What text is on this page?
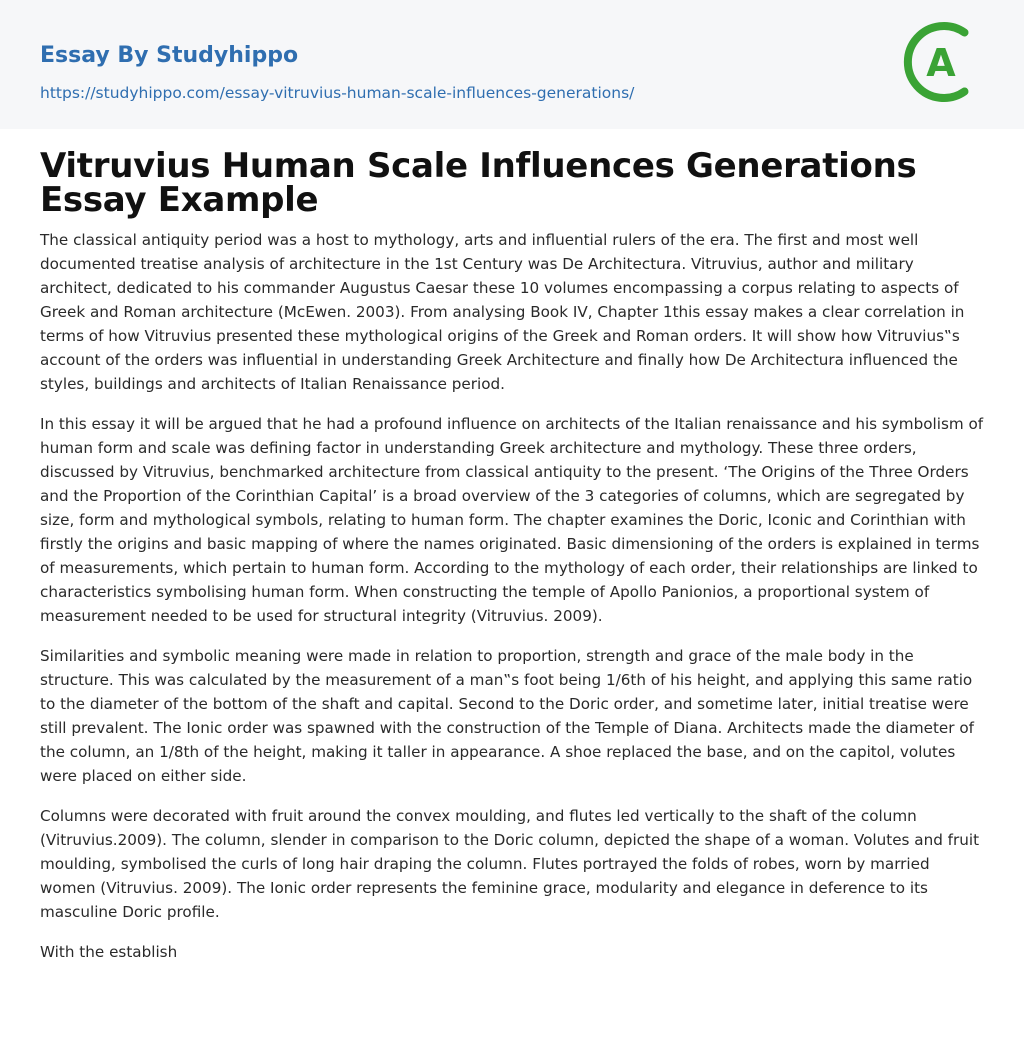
Essay By Studyhippo
https://studyhippo.com/essay-vitruvius-human-scale-influences-generations/
A
Vitruvius Human Scale Influences Generations Essay Example

The classical antiquity period was a host to mythology, arts and influential rulers of the era. The first and most well documented treatise analysis of architecture in the 1st Century was De Architectura. Vitruvius, author and military architect, dedicated to his commander Augustus Caesar these 10 volumes encompassing a corpus relating to aspects of Greek and Roman architecture (McEwen. 2003). From analysing Book IV, Chapter 1this essay makes a clear correlation in terms of how Vitruvius presented these mythological origins of the Greek and Roman orders. It will show how Vitruvius‟s account of the orders was influential in understanding Greek Architecture and finally how De Architectura influenced the styles, buildings and architects of Italian Renaissance period.

In this essay it will be argued that he had a profound influence on architects of the Italian renaissance and his symbolism of human form and scale was defining factor in understanding Greek architecture and mythology. These three orders, discussed by Vitruvius, benchmarked architecture from classical antiquity to the present. ‘The Origins of the Three Orders and the Proportion of the Corinthian Capital’ is a broad overview of the 3 categories of columns, which are segregated by size, form and mythological symbols, relating to human form. The chapter examines the Doric, Iconic and Corinthian with firstly the origins and basic mapping of where the names originated. Basic dimensioning of the orders is explained in terms of measurements, which pertain to human form. According to the mythology of each order, their relationships are linked to characteristics symbolising human form. When constructing the temple of Apollo Panionios, a proportional system of measurement needed to be used for structural integrity (Vitruvius. 2009).

Similarities and symbolic meaning were made in relation to proportion, strength and grace of the male body in the structure. This was calculated by the measurement of a man‟s foot being 1/6th of his height, and applying this same ratio to the diameter of the bottom of the shaft and capital. Second to the Doric order, and sometime later, initial treatise were still prevalent. The Ionic order was spawned with the construction of the Temple of Diana. Architects made the diameter of the column, an 1/8th of the height, making it taller in appearance. A shoe replaced the base, and on the capitol, volutes were placed on either side.

Columns were decorated with fruit around the convex moulding, and flutes led vertically to the shaft of the column (Vitruvius.2009). The column, slender in comparison to the Doric column, depicted the shape of a woman. Volutes and fruit moulding, symbolised the curls of long hair draping the column. Flutes portrayed the folds of robes, worn by married women (Vitruvius. 2009). The Ionic order represents the feminine grace, modularity and elegance in deference to its masculine Doric profile.

With the establish
